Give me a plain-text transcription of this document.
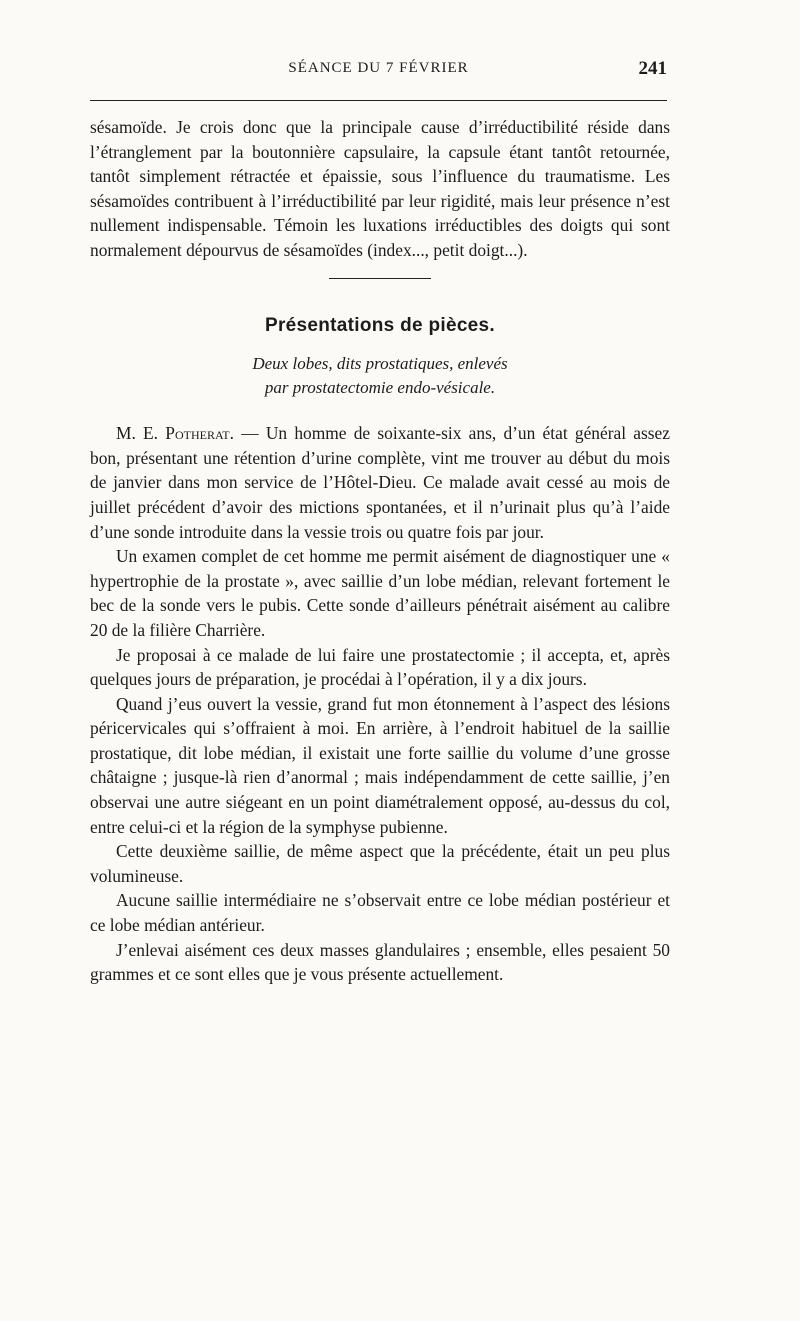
SÉANCE DU 7 FÉVRIER	241

sésamoïde. Je crois donc que la principale cause d’irréductibilité réside dans l’étranglement par la boutonnière capsulaire, la capsule étant tantôt retournée, tantôt simplement rétractée et épaissie, sous l’influence du traumatisme. Les sésamoïdes contribuent à l’irréductibilité par leur rigidité, mais leur présence n’est nullement indispensable. Témoin les luxations irréductibles des doigts qui sont normalement dépourvus de sésamoïdes (index..., petit doigt...).

Présentations de pièces.
Deux lobes, dits prostatiques, enlevés
par prostatectomie endo-vésicale.

M. E. Potherat. — Un homme de soixante-six ans, d’un état général assez bon, présentant une rétention d’urine complète, vint me trouver au début du mois de janvier dans mon service de l’Hôtel-Dieu. Ce malade avait cessé au mois de juillet précédent d’avoir des mictions spontanées, et il n’urinait plus qu’à l’aide d’une sonde introduite dans la vessie trois ou quatre fois par jour.

Un examen complet de cet homme me permit aisément de diagnostiquer une « hypertrophie de la prostate », avec saillie d’un lobe médian, relevant fortement le bec de la sonde vers le pubis. Cette sonde d’ailleurs pénétrait aisément au calibre 20 de la filière Charrière.

Je proposai à ce malade de lui faire une prostatectomie ; il accepta, et, après quelques jours de préparation, je procédai à l’opération, il y a dix jours.

Quand j’eus ouvert la vessie, grand fut mon étonnement à l’aspect des lésions péricervicales qui s’offraient à moi. En arrière, à l’endroit habituel de la saillie prostatique, dit lobe médian, il existait une forte saillie du volume d’une grosse châtaigne ; jusque-là rien d’anormal ; mais indépendamment de cette saillie, j’en observai une autre siégeant en un point diamétralement opposé, au-dessus du col, entre celui-ci et la région de la symphyse pubienne.

Cette deuxième saillie, de même aspect que la précédente, était un peu plus volumineuse.

Aucune saillie intermédiaire ne s’observait entre ce lobe médian postérieur et ce lobe médian antérieur.

J’enlevai aisément ces deux masses glandulaires ; ensemble, elles pesaient 50 grammes et ce sont elles que je vous présente actuellement.
